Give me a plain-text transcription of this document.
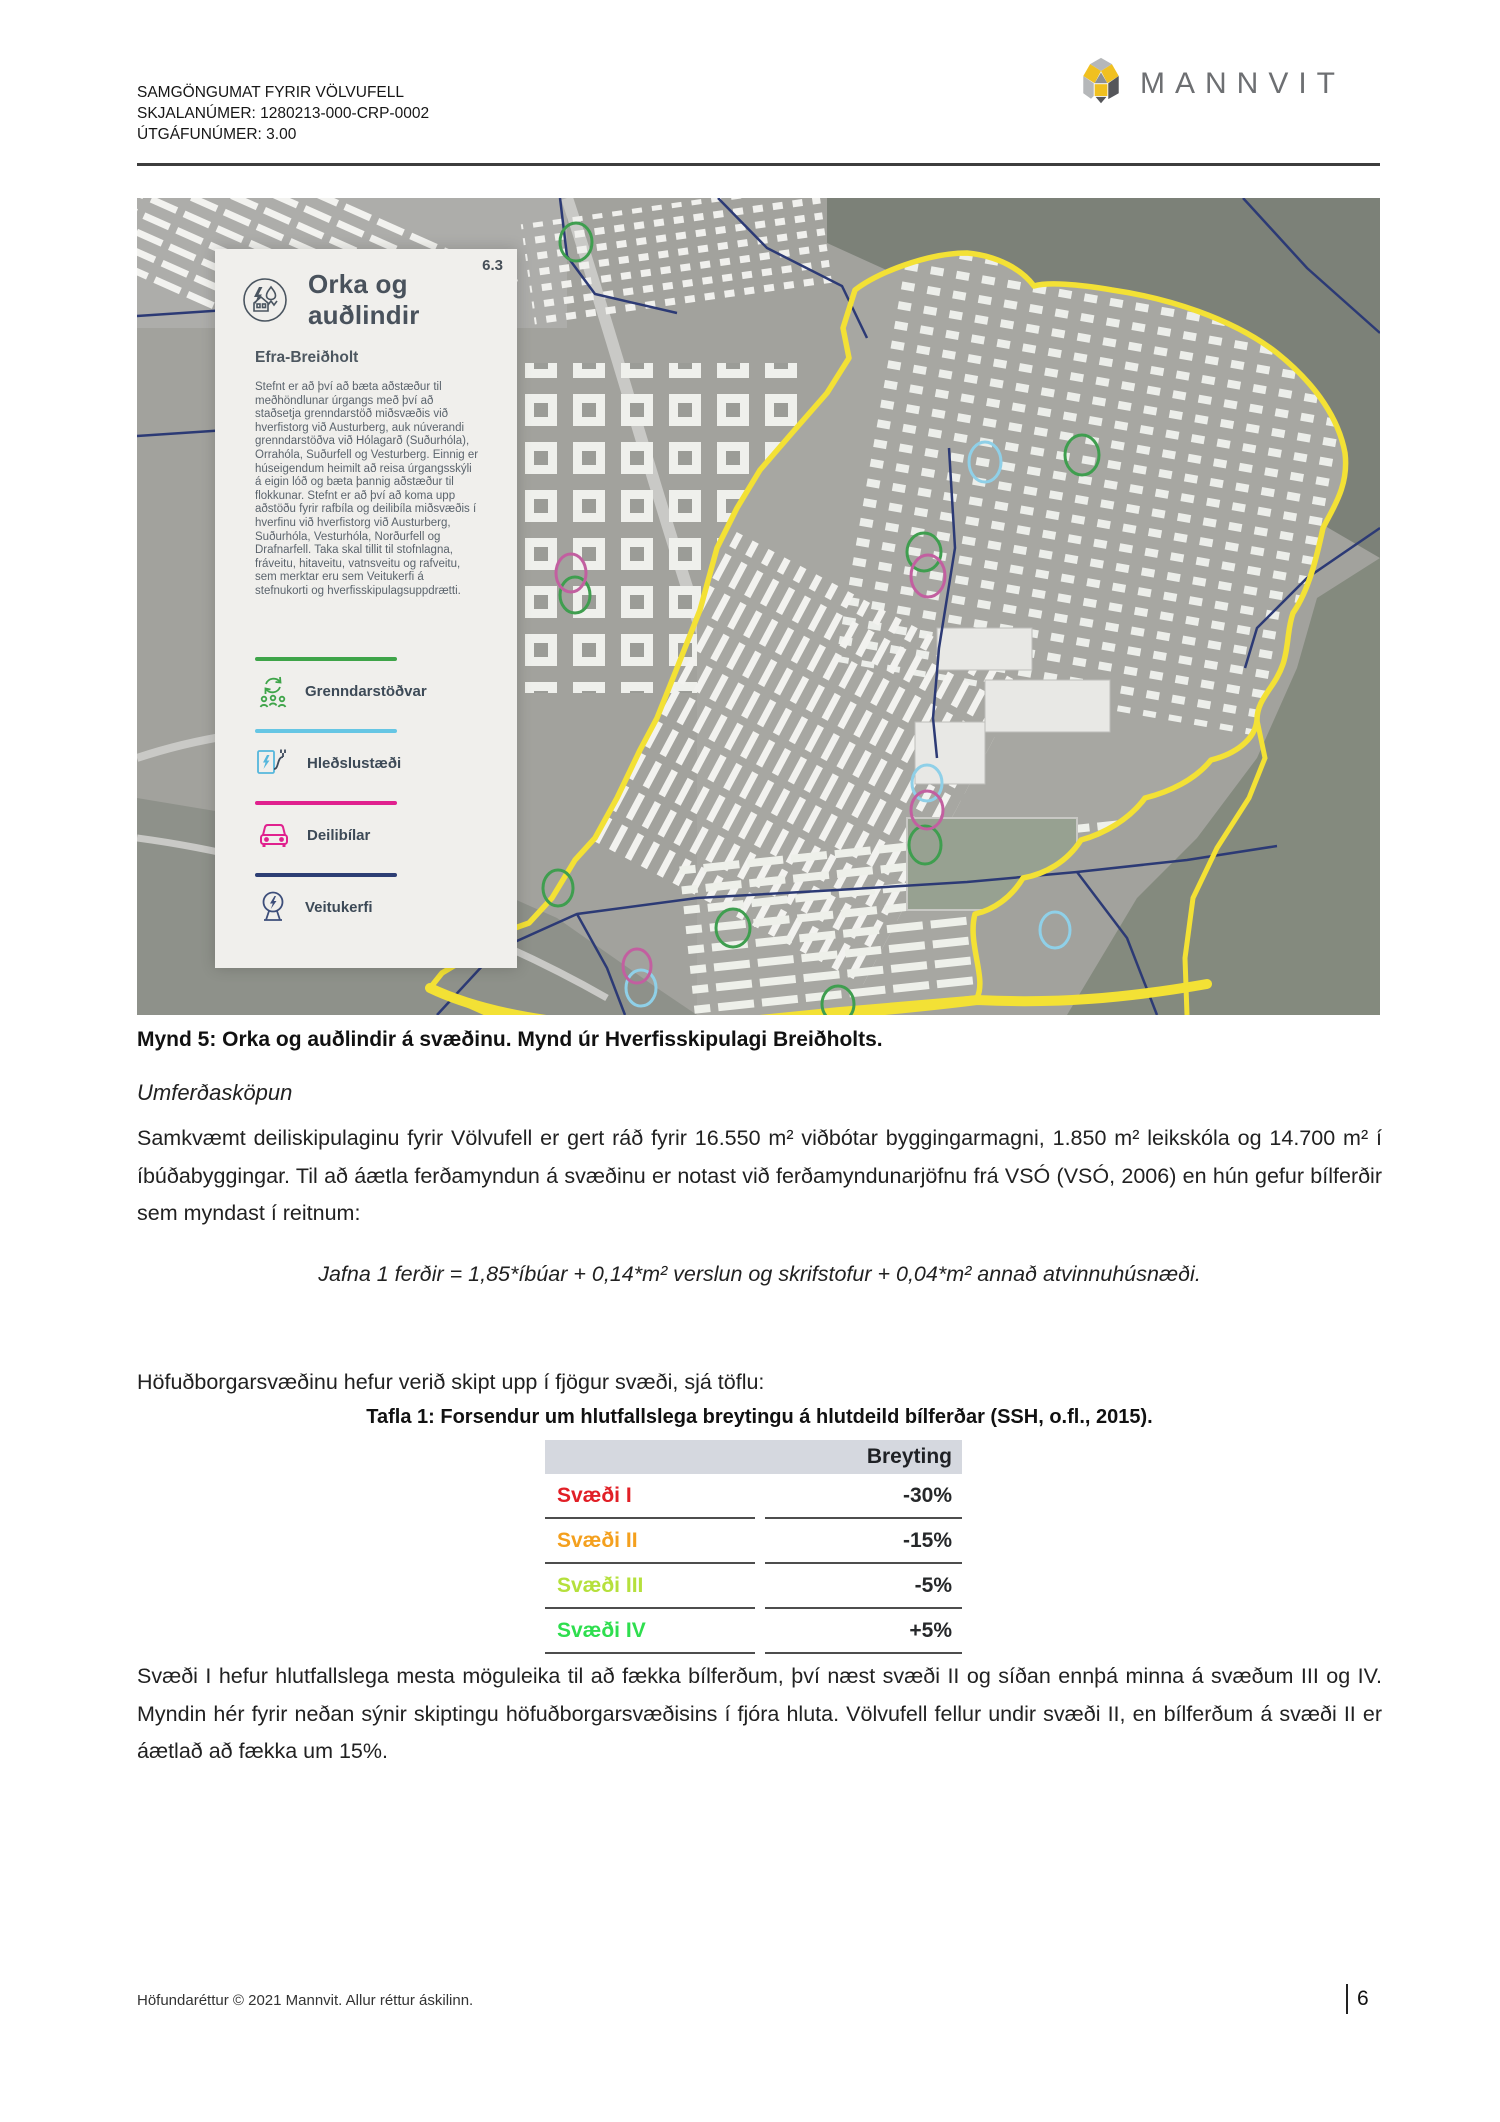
SAMGÖNGUMAT FYRIR VÖLVUFELL
SKJALANÚMER: 1280213-000-CRP-0002
ÚTGÁFUNÚMER: 3.00
MANNVIT
6.3
Orka og auðlindir
Efra-Breiðholt
Stefnt er að því að bæta aðstæður til meðhöndlunar úrgangs með því að staðsetja grenndarstöð miðsvæðis við hverfistorg við Austurberg, auk núverandi grenndarstöðva við Hólagarð (Suðurhóla), Orrahóla, Suðurfell og Vesturberg. Einnig er húseigendum heimilt að reisa úrgangsskýli á eigin lóð og bæta þannig aðstæður til flokkunar. Stefnt er að því að koma upp aðstöðu fyrir rafbíla og deilibíla miðsvæðis í hverfinu við hverfistorg við Austurberg, Suðurhóla, Vesturhóla, Norðurfell og Drafnarfell. Taka skal tillit til stofnlagna, fráveitu, hitaveitu, vatnsveitu og rafveitu, sem merktar eru sem Veitukerfi á stefnukorti og hverfisskipulagsuppdrætti.
Grenndarstöðvar
Hleðslustæði
Deilibílar
Veitukerfi
Mynd 5: Orka og auðlindir á svæðinu. Mynd úr Hverfisskipulagi Breiðholts.
Umferðasköpun
Samkvæmt deiliskipulaginu fyrir Völvufell er gert ráð fyrir 16.550 m² viðbótar byggingarmagni, 1.850 m² leikskóla og 14.700 m² í íbúðabyggingar. Til að áætla ferðamyndun á svæðinu er notast við ferðamyndunarjöfnu frá VSÓ (VSÓ, 2006) en hún gefur bílferðir sem myndast í reitnum:
Jafna 1 ferðir = 1,85*íbúar + 0,14*m² verslun og skrifstofur + 0,04*m² annað atvinnuhúsnæði.
Höfuðborgarsvæðinu hefur verið skipt upp í fjögur svæði, sjá töflu:
Tafla 1: Forsendur um hlutfallslega breytingu á hlutdeild bílferðar (SSH, o.fl., 2015).
Breyting
Svæði I	-30%
Svæði II	-15%
Svæði III	-5%
Svæði IV	+5%
Svæði I hefur hlutfallslega mesta möguleika til að fækka bílferðum, því næst svæði II og síðan ennþá minna á svæðum III og IV. Myndin hér fyrir neðan sýnir skiptingu höfuðborgarsvæðisins í fjóra hluta. Völvufell fellur undir svæði II, en bílferðum á svæði II er áætlað að fækka um 15%.
Höfundaréttur © 2021 Mannvit. Allur réttur áskilinn.	6
